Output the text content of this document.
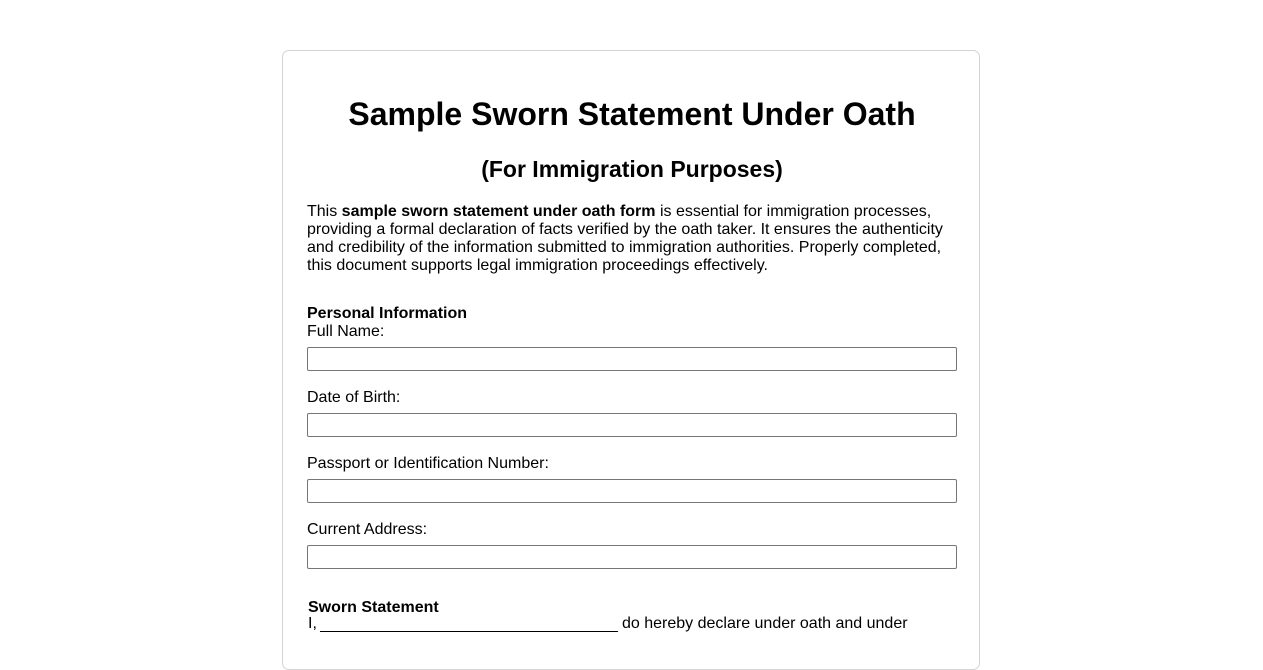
Sample Sworn Statement Under Oath
(For Immigration Purposes)

This sample sworn statement under oath form is essential for immigration processes, providing a formal declaration of facts verified by the oath taker. It ensures the authenticity and credibility of the information submitted to immigration authorities. Properly completed, this document supports legal immigration proceedings effectively.

Personal Information
Full Name:
Date of Birth:
Passport or Identification Number:
Current Address:
Sworn Statement
I,	do hereby declare under oath and under
